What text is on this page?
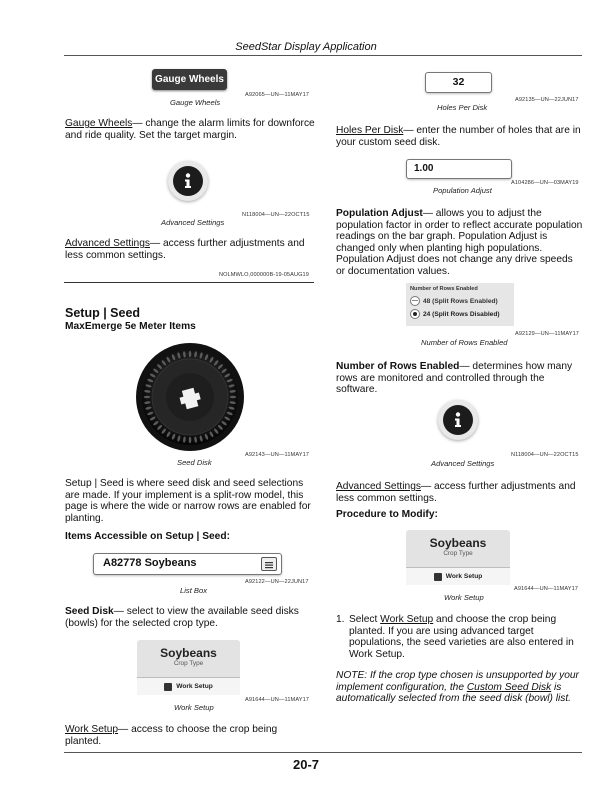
SeedStar Display Application
Gauge Wheels
A92065—UN—11MAY17
Gauge Wheels
Gauge Wheels— change the alarm limits for downforce and ride quality. Set the target margin.
N118004—UN—22OCT15
Advanced Settings
Advanced Settings— access further adjustments and less common settings.
NOLMWLO,000000B-19-05AUG19
Setup | Seed
MaxEmerge 5e Meter Items
A92143—UN—11MAY17
Seed Disk
Setup | Seed is where seed disk and seed selections are made. If your implement is a split-row model, this page is where the wide or narrow rows are enabled for planting.
Items Accessible on Setup | Seed:
A82778 Soybeans
A92122—UN—22JUN17
List Box
Seed Disk— select to view the available seed disks (bowls) for the selected crop type.
Soybeans
Crop Type
Work Setup
A91644—UN—11MAY17
Work Setup
Work Setup— access to choose the crop being planted.
32
A92135—UN—22JUN17
Holes Per Disk
Holes Per Disk— enter the number of holes that are in your custom seed disk.
1.00
A104286—UN—03MAY19
Population Adjust
Population Adjust— allows you to adjust the population factor in order to reflect accurate population readings on the bar graph. Population Adjust is changed only when planting high populations. Population Adjust does not change any drive speeds or documentation values.
Number of Rows Enabled
48 (Split Rows Enabled)
24 (Split Rows Disabled)
A92129—UN—11MAY17
Number of Rows Enabled
Number of Rows Enabled— determines how many rows are monitored and controlled through the software.
N118004—UN—22OCT15
Advanced Settings
Advanced Settings— access further adjustments and less common settings.
Procedure to Modify:
Soybeans
Crop Type
Work Setup
A91644—UN—11MAY17
Work Setup
1. Select Work Setup and choose the crop being planted. If you are using advanced target populations, the seed varieties are also entered in Work Setup.
NOTE: If the crop type chosen is unsupported by your implement configuration, the Custom Seed Disk is automatically selected from the seed disk (bowl) list.
20-7
